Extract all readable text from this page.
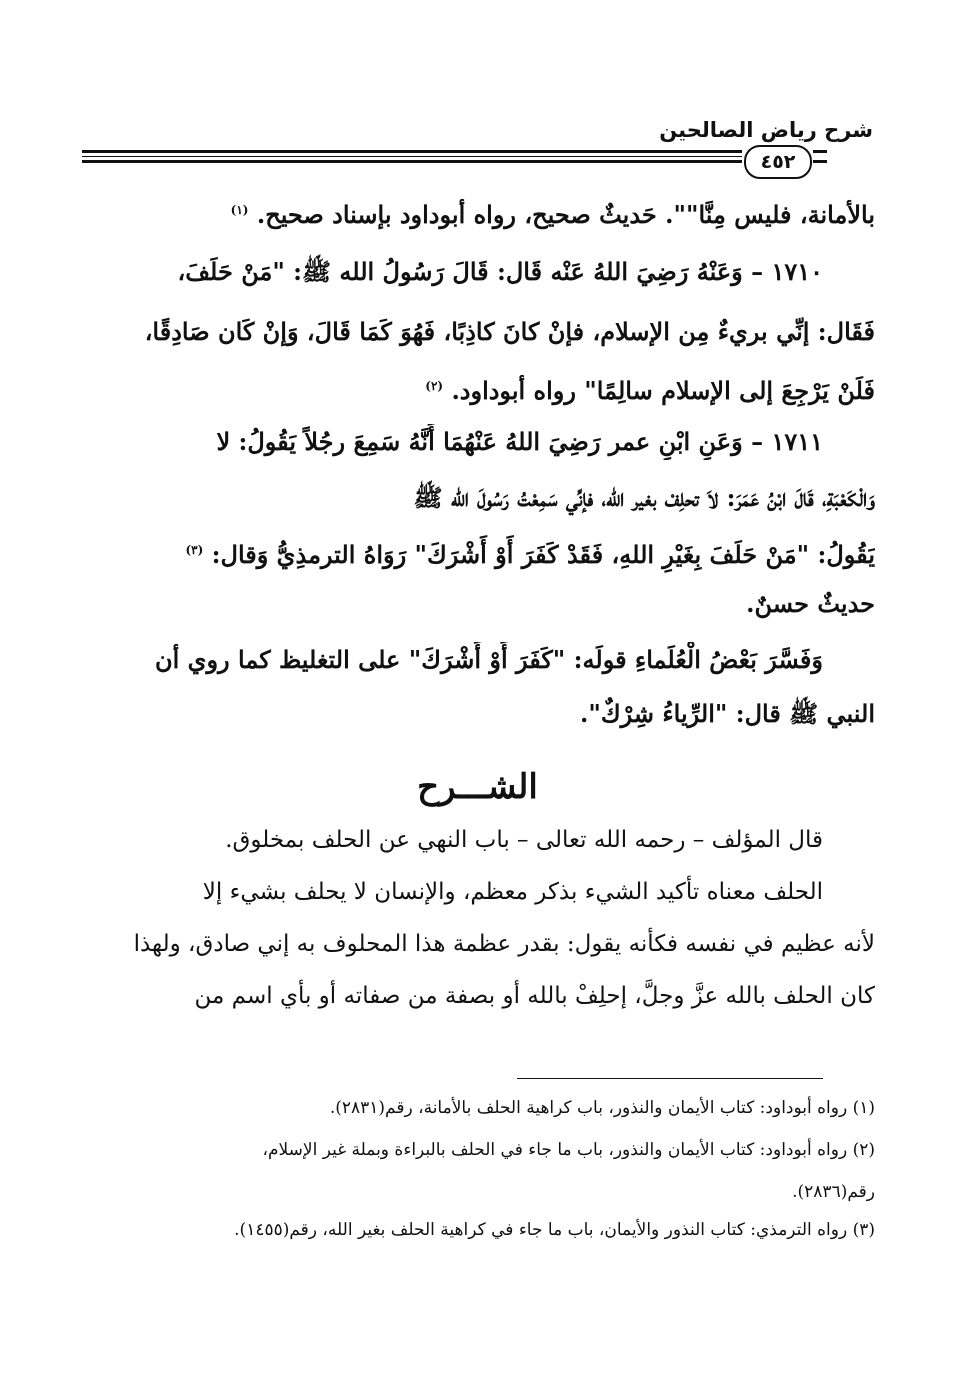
شرح رياض الصالحين
٤٥٢
بالأمانة، فليس مِنَّا"". حَديثٌ صحيح، رواه أبوداود بإسناد صحيح. $^{(١)}$
١٧١٠ – وَعَنْهُ رَضِيَ اللهُ عَنْه قَال: قَالَ رَسُولُ الله ﷺ: "مَنْ حَلَفَ،
فَقَال: إنِّي بريءٌ مِن الإسلام، فإنْ كانَ كاذِبًا، فَهُوَ كَمَا قَالَ، وَإنْ كَان صَادِقًا،
فَلَنْ يَرْجِعَ إلى الإسلام سالِمًا" رواه أبوداود. $^{(٢)}$
١٧١١ – وَعَنِ ابْنِ عمر رَضِيَ اللهُ عَنْهُمَا أَنَّهُ سَمِعَ رجُلاً يَقُولُ: لا
وَالْكَعْبَةِ، قَالَ ابْنُ عَمَرَ: لاَ تحلِفْ بغير الله، فإنِّي سَمِعْتُ رَسُولَ الله ﷺ
يَقُولُ: "مَنْ حَلَفَ بِغَيْرِ اللهِ، فَقَدْ كَفَرَ أَوْ أَشْرَكَ" رَوَاهُ الترمذِيُّ وَقال: $^{(٣)}$
حديثٌ حسنٌ.
وَفَسَّرَ بَعْضُ الْعُلَماءِ قولَه: "كَفَرَ أَوْ أَشْرَكَ" على التغليظ كما روي أن
النبي ﷺ قال: "الرِّياءُ شِرْكٌ".
الشـــرح
قال المؤلف – رحمه الله تعالى – باب النهي عن الحلف بمخلوق.
الحلف معناه تأكيد الشيء بذكر معظم، والإنسان لا يحلف بشيء إلا
لأنه عظيم في نفسه فكأنه يقول: بقدر عظمة هذا المحلوف به إني صادق، ولهذا
كان الحلف بالله عزَّ وجلَّ، إحلِفْ بالله أو بصفة من صفاته أو بأي اسم من
(١) رواه أبوداود: كتاب الأيمان والنذور، باب كراهية الحلف بالأمانة، رقم(٢٨٣١).
(٢) رواه أبوداود: كتاب الأيمان والنذور، باب ما جاء في الحلف بالبراءة وبملة غير الإسلام،
رقم(٢٨٣٦).
(٣) رواه الترمذي: كتاب النذور والأيمان، باب ما جاء في كراهية الحلف بغير الله، رقم(١٤٥٥).
